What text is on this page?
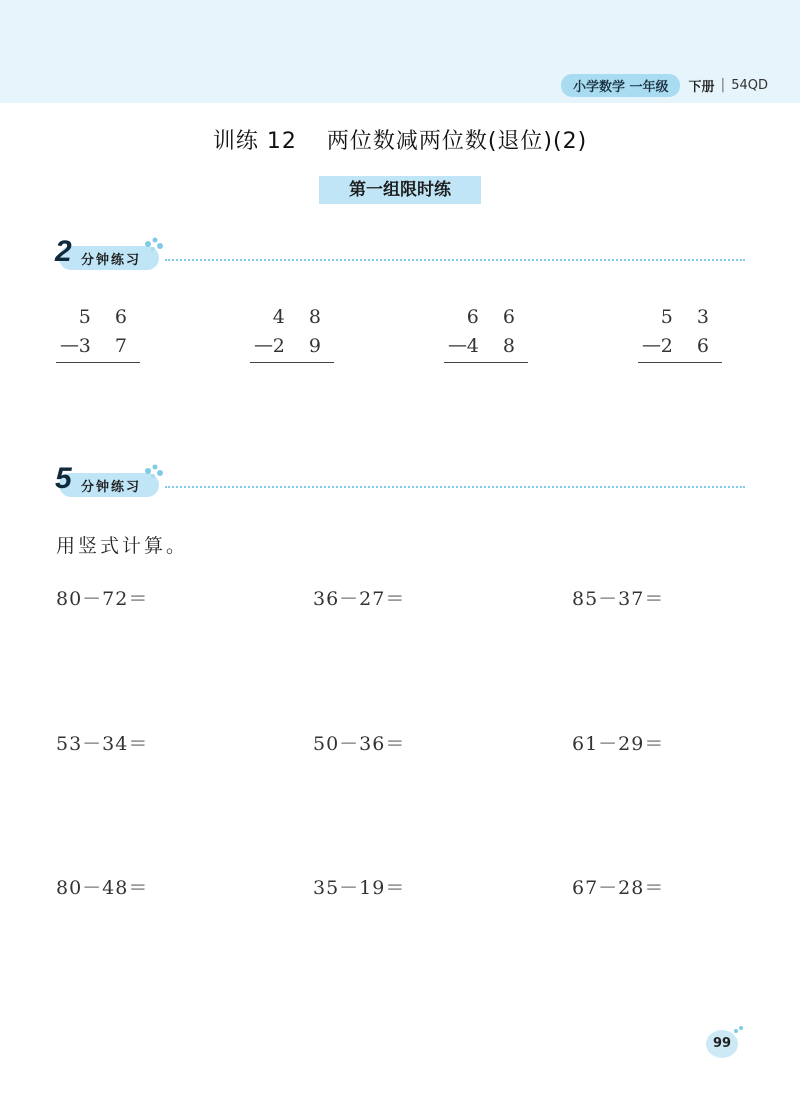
小学数学 一年级	下册 | 54QD
训练 12 两位数减两位数(退位)(2)
第一组限时练
2 分钟练习
5 6
— 3 7
4 8
— 2 9
6 6
— 4 8
5 3
— 2 6
5 分钟练习
用竖式计算。
80－72＝	36－27＝	85－37＝
53－34＝	50－36＝	61－29＝
80－48＝	35－19＝	67－28＝
99
